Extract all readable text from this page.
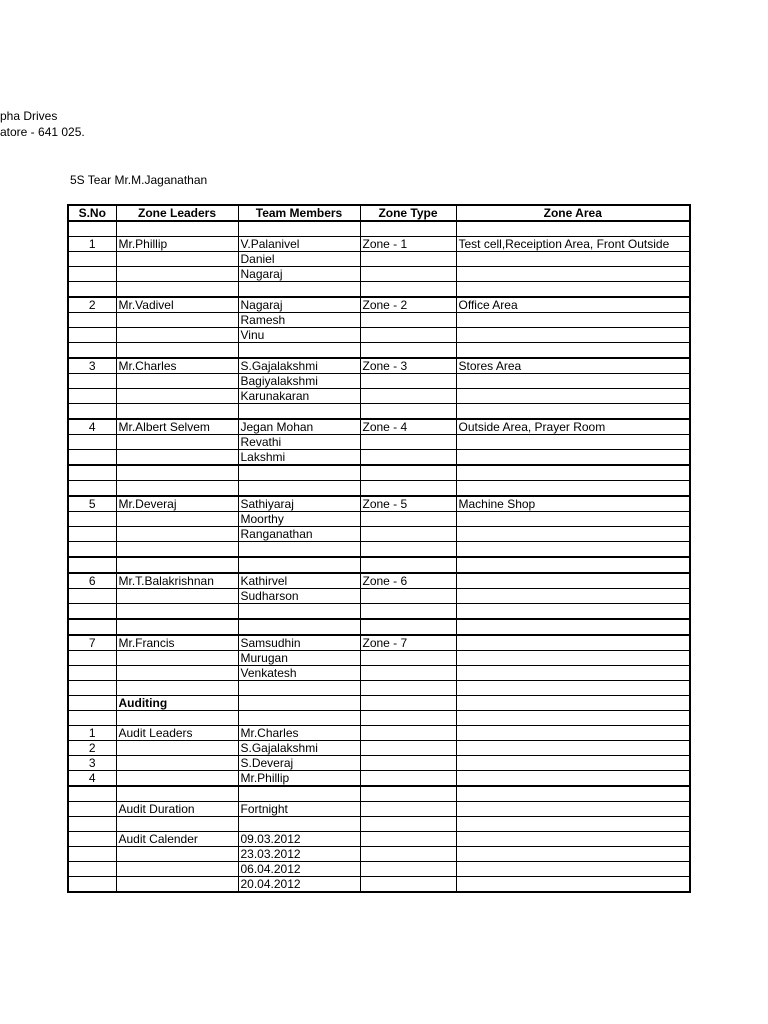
pha Drives
atore - 641 025.
5S Tear Mr.M.Jaganathan
S.No	Zone Leaders	Team Members	Zone Type	Zone Area

1	Mr.Phillip	V.Palanivel	Zone - 1	Test cell,Receiption Area, Front Outside
		Daniel		
		Nagaraj		

2	Mr.Vadivel	Nagaraj	Zone - 2	Office Area
		Ramesh		
		Vinu		

3	Mr.Charles	S.Gajalakshmi	Zone - 3	Stores Area
		Bagiyalakshmi		
		Karunakaran		

4	Mr.Albert Selvem	Jegan Mohan	Zone - 4	Outside Area, Prayer Room
		Revathi		
		Lakshmi		

5	Mr.Deveraj	Sathiyaraj	Zone - 5	Machine Shop
		Moorthy		
		Ranganathan		

6	Mr.T.Balakrishnan	Kathirvel	Zone - 6	
		Sudharson		

7	Mr.Francis	Samsudhin	Zone - 7	
		Murugan		
		Venkatesh		

	Auditing			

1	Audit Leaders	Mr.Charles		
2		S.Gajalakshmi		
3		S.Deveraj		
4		Mr.Phillip		

	Audit Duration	Fortnight		

	Audit Calender	09.03.2012		
		23.03.2012		
		06.04.2012		
		20.04.2012		
